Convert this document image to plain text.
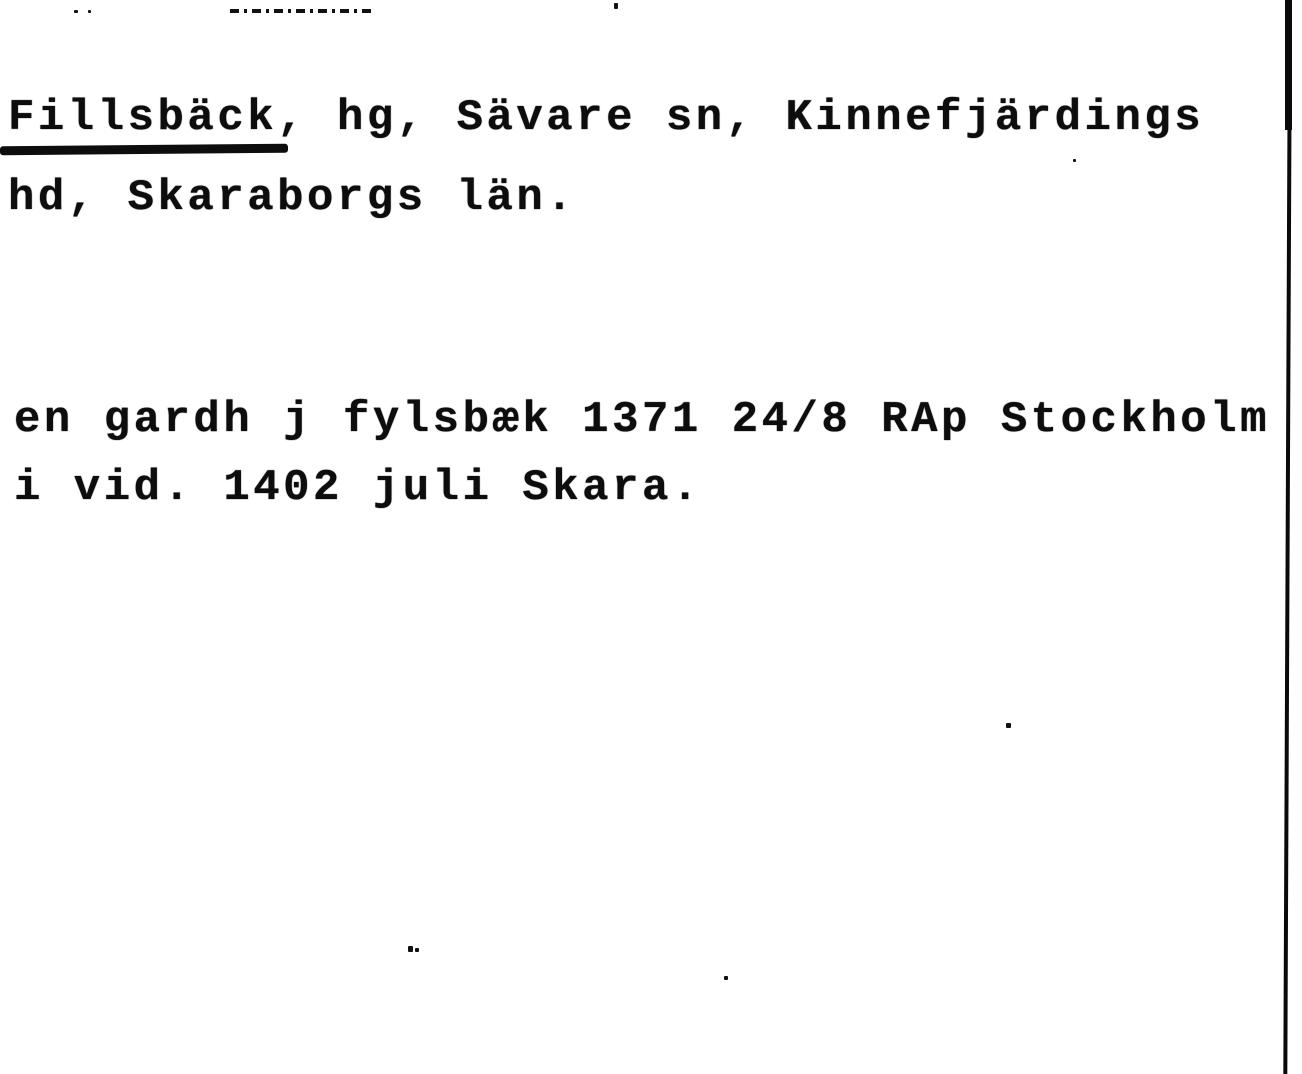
Fillsbäck, hg, Sävare sn, Kinnefjärdings
hd, Skaraborgs län.
en gardh j fylsbæk 1371 24/8 RAp Stockholm
i vid. 1402 juli Skara.
